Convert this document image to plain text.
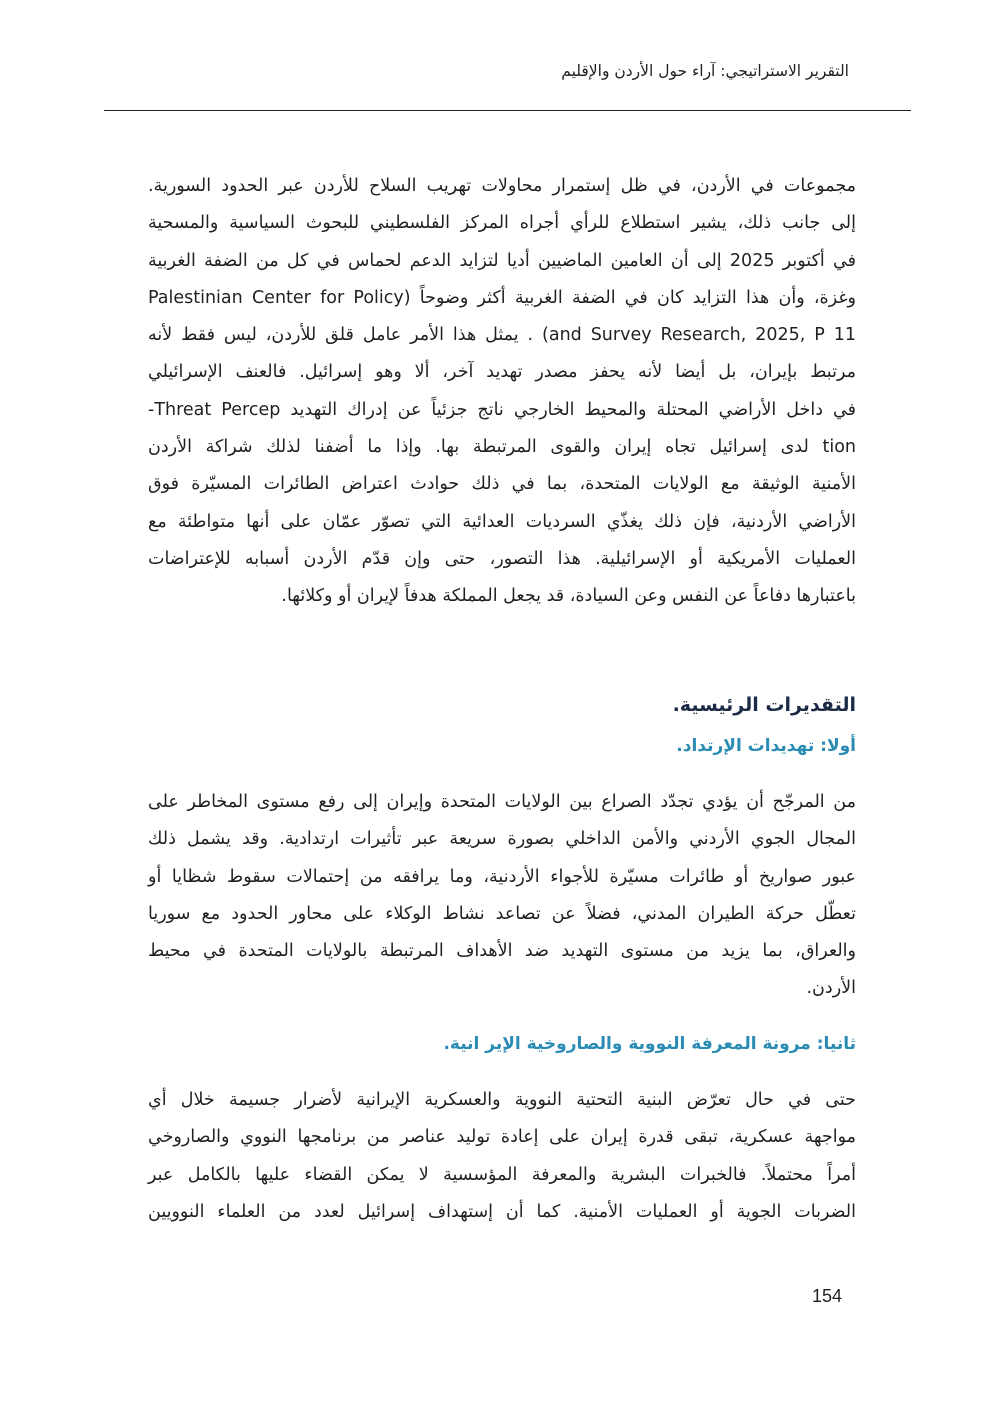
التقرير الاستراتيجي: آراء حول الأردن والإقليم
مجموعات في الأردن، في ظل إستمرار محاولات تهريب السلاح للأردن عبر الحدود السورية.
إلى جانب ذلك، يشير استطلاع للرأي أجراه المركز الفلسطيني للبحوث السياسية والمسحية
في أكتوبر 2025 إلى أن العامين الماضيين أديا لتزايد الدعم لحماس في كل من الضفة الغربية
وغزة، وأن هذا التزايد كان في الضفة الغربية أكثر وضوحاً (Palestinian Center for Policy
and Survey Research, 2025, P 11) . يمثل هذا الأمر عامل قلق للأردن، ليس فقط لأنه
مرتبط بإيران، بل أيضا لأنه يحفز مصدر تهديد آخر، ألا وهو إسرائيل. فالعنف الإسرائيلي
في داخل الأراضي المحتلة والمحيط الخارجي ناتج جزئياً عن إدراك التهديد Threat Percep-
tion لدى إسرائيل تجاه إيران والقوى المرتبطة بها. وإذا ما أضفنا لذلك شراكة الأردن
الأمنية الوثيقة مع الولايات المتحدة، بما في ذلك حوادث اعتراض الطائرات المسيّرة فوق
الأراضي الأردنية، فإن ذلك يغذّي السرديات العدائية التي تصوّر عمّان على أنها متواطئة مع
العمليات الأمريكية أو الإسرائيلية. هذا التصور، حتى وإن قدّم الأردن أسبابه للإعتراضات
باعتبارها دفاعاً عن النفس وعن السيادة، قد يجعل المملكة هدفاً لإيران أو وكلائها.
التقديرات الرئيسية.
أولا: تهديدات الإرتداد.
من المرجّح أن يؤدي تجدّد الصراع بين الولايات المتحدة وإيران إلى رفع مستوى المخاطر على
المجال الجوي الأردني والأمن الداخلي بصورة سريعة عبر تأثيرات ارتدادية. وقد يشمل ذلك
عبور صواريخ أو طائرات مسيّرة للأجواء الأردنية، وما يرافقه من إحتمالات سقوط شظايا أو
تعطّل حركة الطيران المدني، فضلاً عن تصاعد نشاط الوكلاء على محاور الحدود مع سوريا
والعراق، بما يزيد من مستوى التهديد ضد الأهداف المرتبطة بالولايات المتحدة في محيط
الأردن.
ثانيا: مرونة المعرفة النووية والصاروخية الإير انية.
حتى في حال تعرّض البنية التحتية النووية والعسكرية الإيرانية لأضرار جسيمة خلال أي
مواجهة عسكرية، تبقى قدرة إيران على إعادة توليد عناصر من برنامجها النووي والصاروخي
أمراً محتملاً. فالخبرات البشرية والمعرفة المؤسسية لا يمكن القضاء عليها بالكامل عبر
الضربات الجوية أو العمليات الأمنية. كما أن إستهداف إسرائيل لعدد من العلماء النوويين
154
